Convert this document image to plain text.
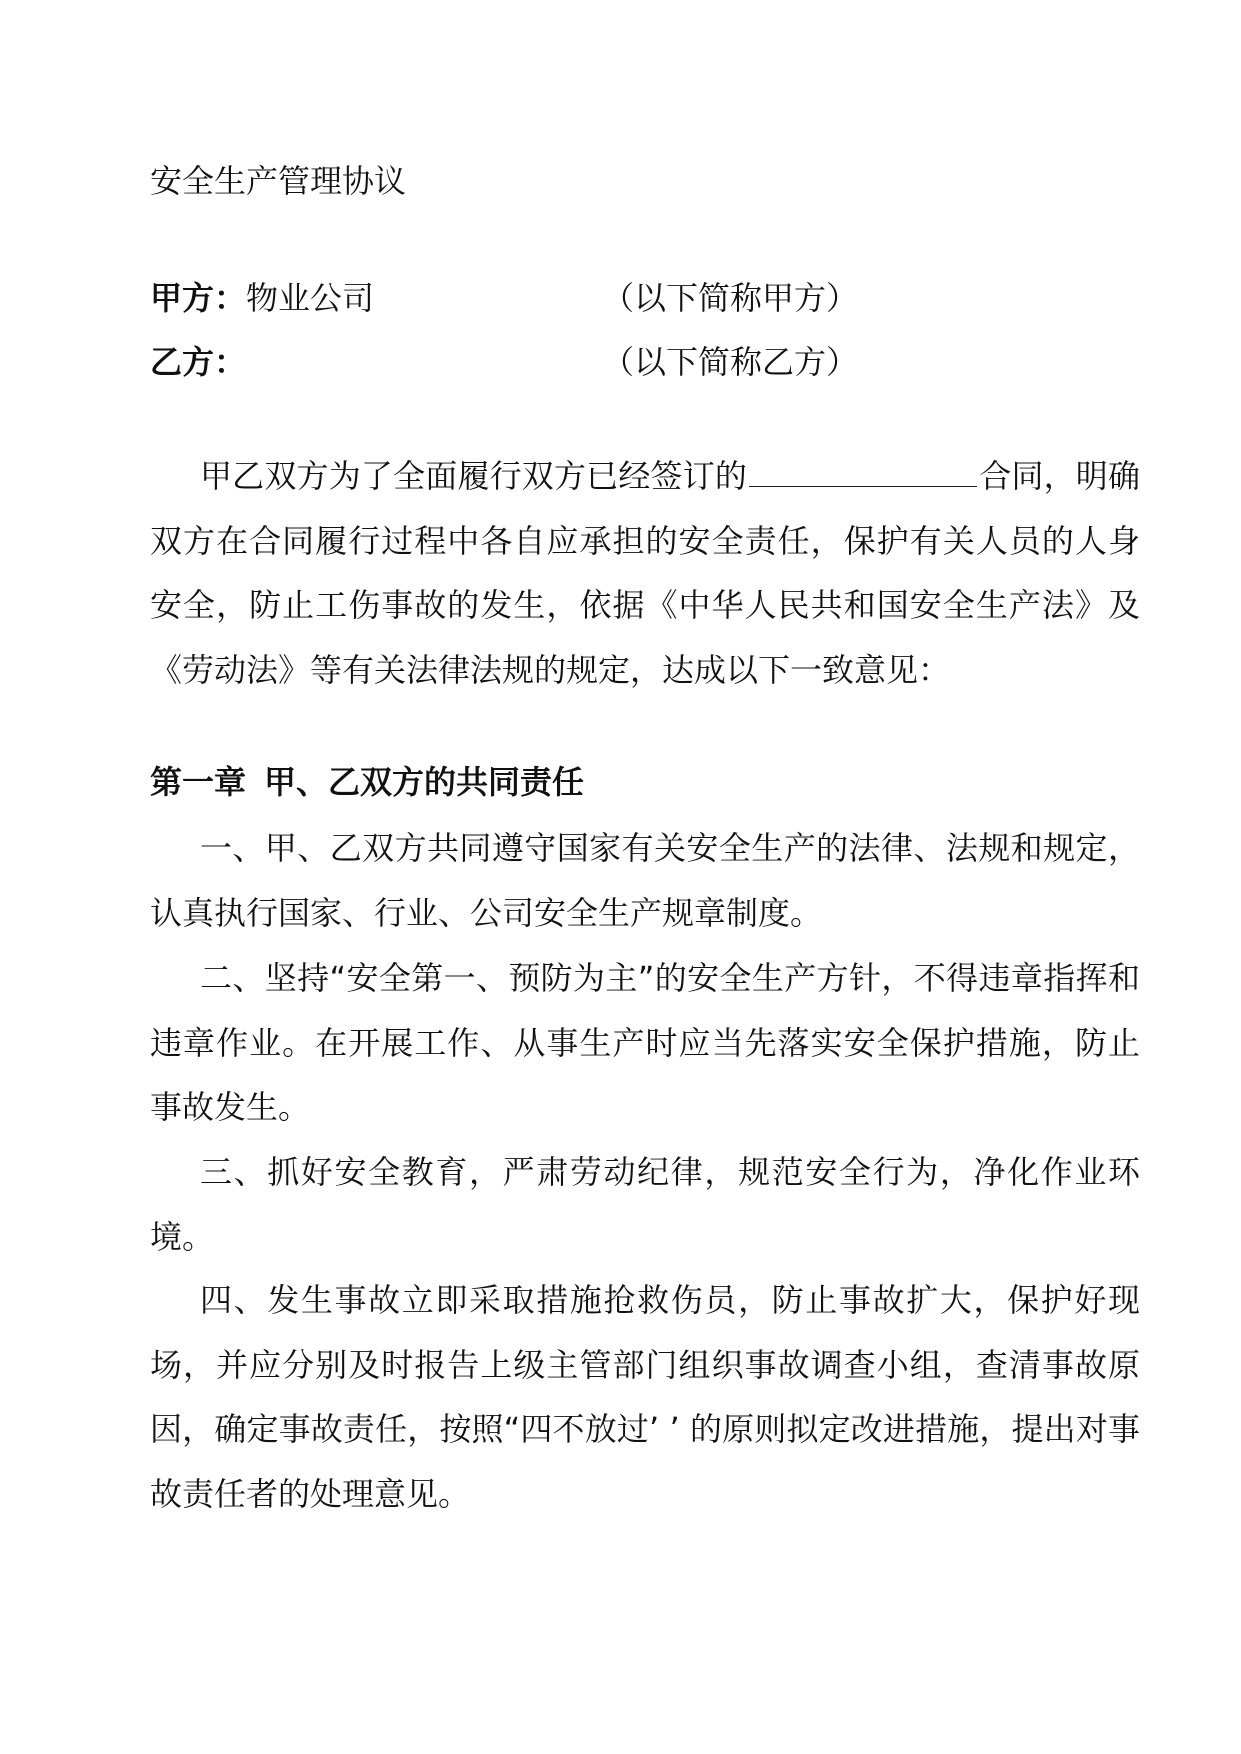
安全生产管理协议
甲方：物业公司	（以下简称甲方）
乙方：	（以下简称乙方）

甲乙双方为了全面履行双方已经签订的	合同，明确双方在合同履行过程中各自应承担的安全责任，保护有关人员的人身安全，防止工伤事故的发生，依据《中华人民共和国安全生产法》及《劳动法》等有关法律法规的规定，达成以下一致意见：

第一章 甲、乙双方的共同责任

一、甲、乙双方共同遵守国家有关安全生产的法律、法规和规定，认真执行国家、行业、公司安全生产规章制度。

二、坚持“安全第一、预防为主”的安全生产方针，不得违章指挥和违章作业。在开展工作、从事生产时应当先落实安全保护措施，防止事故发生。

三、抓好安全教育，严肃劳动纪律，规范安全行为，净化作业环境。

四、发生事故立即采取措施抢救伤员，防止事故扩大，保护好现场，并应分别及时报告上级主管部门组织事故调查小组，查清事故原因，确定事故责任，按照“四不放过’ ’ 的原则拟定改进措施，提出对事故责任者的处理意见。
